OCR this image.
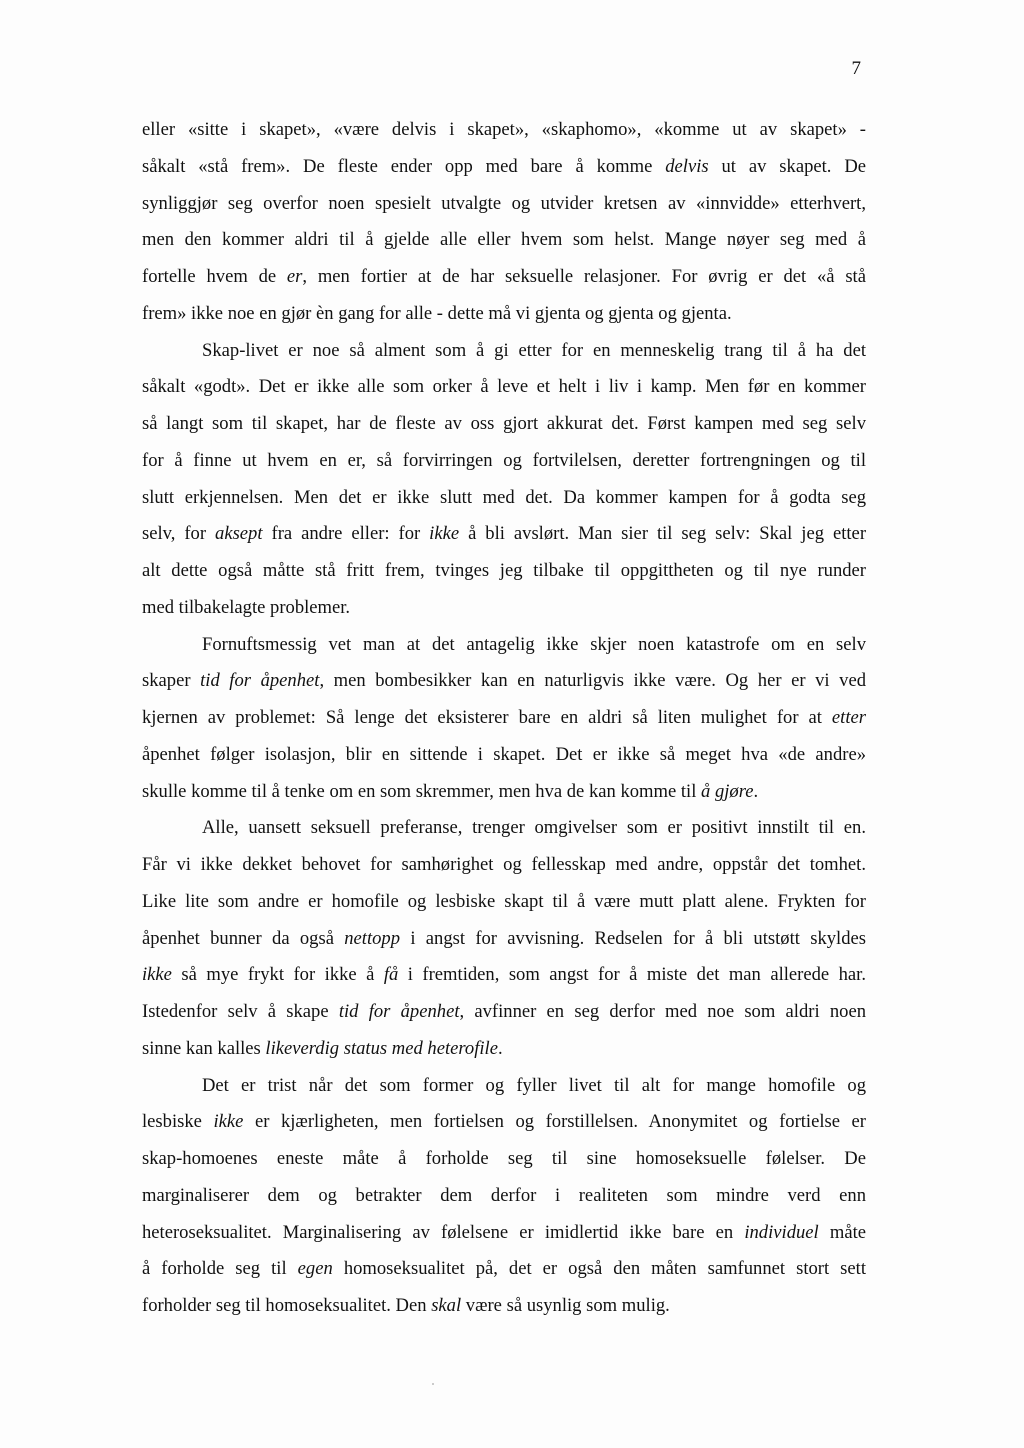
7
eller «sitte i skapet», «være delvis i skapet», «skaphomo», «komme ut av skapet» -
såkalt «stå frem». De fleste ender opp med bare å komme delvis ut av skapet. De
synliggjør seg overfor noen spesielt utvalgte og utvider kretsen av «innvidde» etterhvert,
men den kommer aldri til å gjelde alle eller hvem som helst. Mange nøyer seg med å
fortelle hvem de er, men fortier at de har seksuelle relasjoner. For øvrig er det «å stå
frem» ikke noe en gjør èn gang for alle - dette må vi gjenta og gjenta og gjenta.
Skap-livet er noe så alment som å gi etter for en menneskelig trang til å ha det
såkalt «godt». Det er ikke alle som orker å leve et helt i liv i kamp. Men før en kommer
så langt som til skapet, har de fleste av oss gjort akkurat det. Først kampen med seg selv
for å finne ut hvem en er, så forvirringen og fortvilelsen, deretter fortrengningen og til
slutt erkjennelsen. Men det er ikke slutt med det. Da kommer kampen for å godta seg
selv, for aksept fra andre eller: for ikke å bli avslørt. Man sier til seg selv: Skal jeg etter
alt dette også måtte stå fritt frem, tvinges jeg tilbake til oppgittheten og til nye runder
med tilbakelagte problemer.
Fornuftsmessig vet man at det antagelig ikke skjer noen katastrofe om en selv
skaper tid for åpenhet, men bombesikker kan en naturligvis ikke være. Og her er vi ved
kjernen av problemet: Så lenge det eksisterer bare en aldri så liten mulighet for at etter
åpenhet følger isolasjon, blir en sittende i skapet. Det er ikke så meget hva «de andre»
skulle komme til å tenke om en som skremmer, men hva de kan komme til å gjøre.
Alle, uansett seksuell preferanse, trenger omgivelser som er positivt innstilt til en.
Får vi ikke dekket behovet for samhørighet og fellesskap med andre, oppstår det tomhet.
Like lite som andre er homofile og lesbiske skapt til å være mutt platt alene. Frykten for
åpenhet bunner da også nettopp i angst for avvisning. Redselen for å bli utstøtt skyldes
ikke så mye frykt for ikke å få i fremtiden, som angst for å miste det man allerede har.
Istedenfor selv å skape tid for åpenhet, avfinner en seg derfor med noe som aldri noen
sinne kan kalles likeverdig status med heterofile.
Det er trist når det som former og fyller livet til alt for mange homofile og
lesbiske ikke er kjærligheten, men fortielsen og forstillelsen. Anonymitet og fortielse er
skap-homoenes eneste måte å forholde seg til sine homoseksuelle følelser. De
marginaliserer dem og betrakter dem derfor i realiteten som mindre verd enn
heteroseksualitet. Marginalisering av følelsene er imidlertid ikke bare en individuel måte
å forholde seg til egen homoseksualitet på, det er også den måten samfunnet stort sett
forholder seg til homoseksualitet. Den skal være så usynlig som mulig.
